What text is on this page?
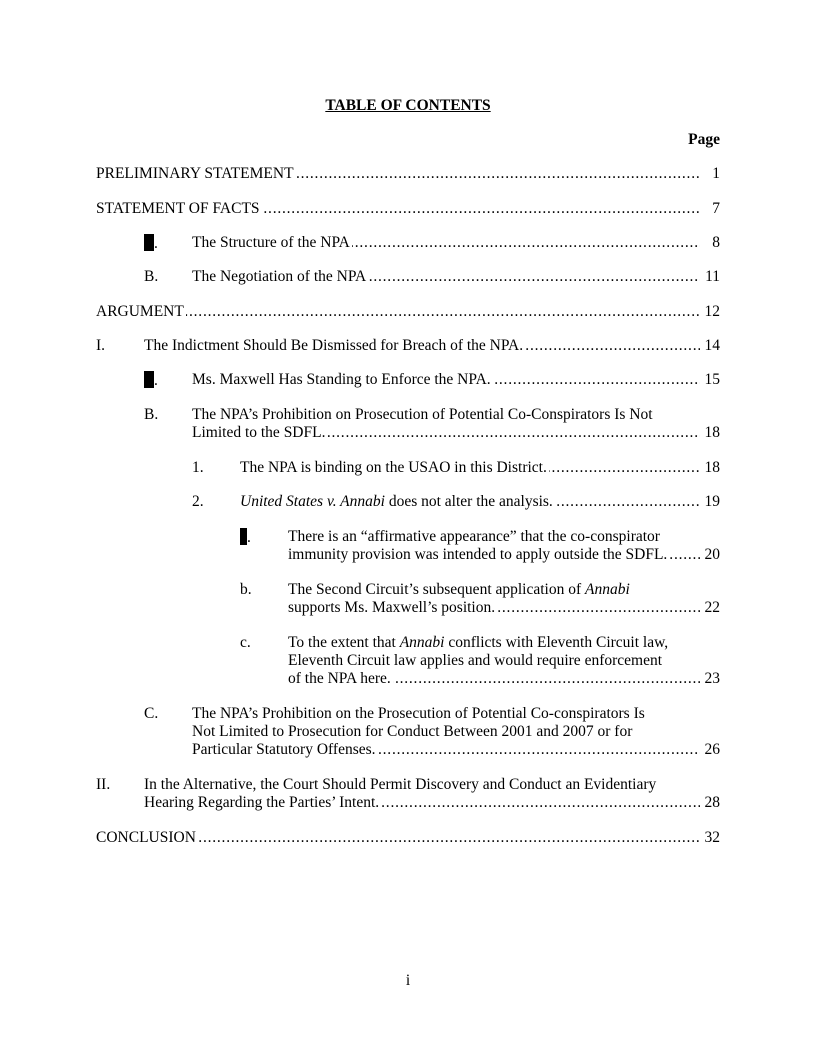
TABLE OF CONTENTS
Page
PRELIMINARY STATEMENT	1
. . .
STATEMENT OF FACTS	7
. . .
. The Structure of the NPA	8
. . .
B. The Negotiation of the NPA	11
. . .
ARGUMENT	12
. . .
I.	The Indictment Should Be Dismissed for Breach of the NPA.	14
. . .
. Ms. Maxwell Has Standing to Enforce the NPA.	15
. . .
B. The NPA’s Prohibition on Prosecution of Potential Co-Conspirators Is Not
Limited to the SDFL.	18
. . .
1. The NPA is binding on the USAO in this District.	18
. . .
2. United States v. Annabi does not alter the analysis.	19
. . .
. There is an “affirmative appearance” that the co-conspirator
immunity provision was intended to apply outside the SDFL. 20
. . .
b. The Second Circuit’s subsequent application of Annabi
supports Ms. Maxwell’s position.	22
. . .
c. To the extent that Annabi conflicts with Eleventh Circuit law,
Eleventh Circuit law applies and would require enforcement
of the NPA here.	23
. . .
C. The NPA’s Prohibition on the Prosecution of Potential Co-conspirators Is
Not Limited to Prosecution for Conduct Between 2001 and 2007 or for
Particular Statutory Offenses.	26
. . .
II. In the Alternative, the Court Should Permit Discovery and Conduct an Evidentiary
Hearing Regarding the Parties’ Intent.	28
. . .
CONCLUSION	32
. . .
i
